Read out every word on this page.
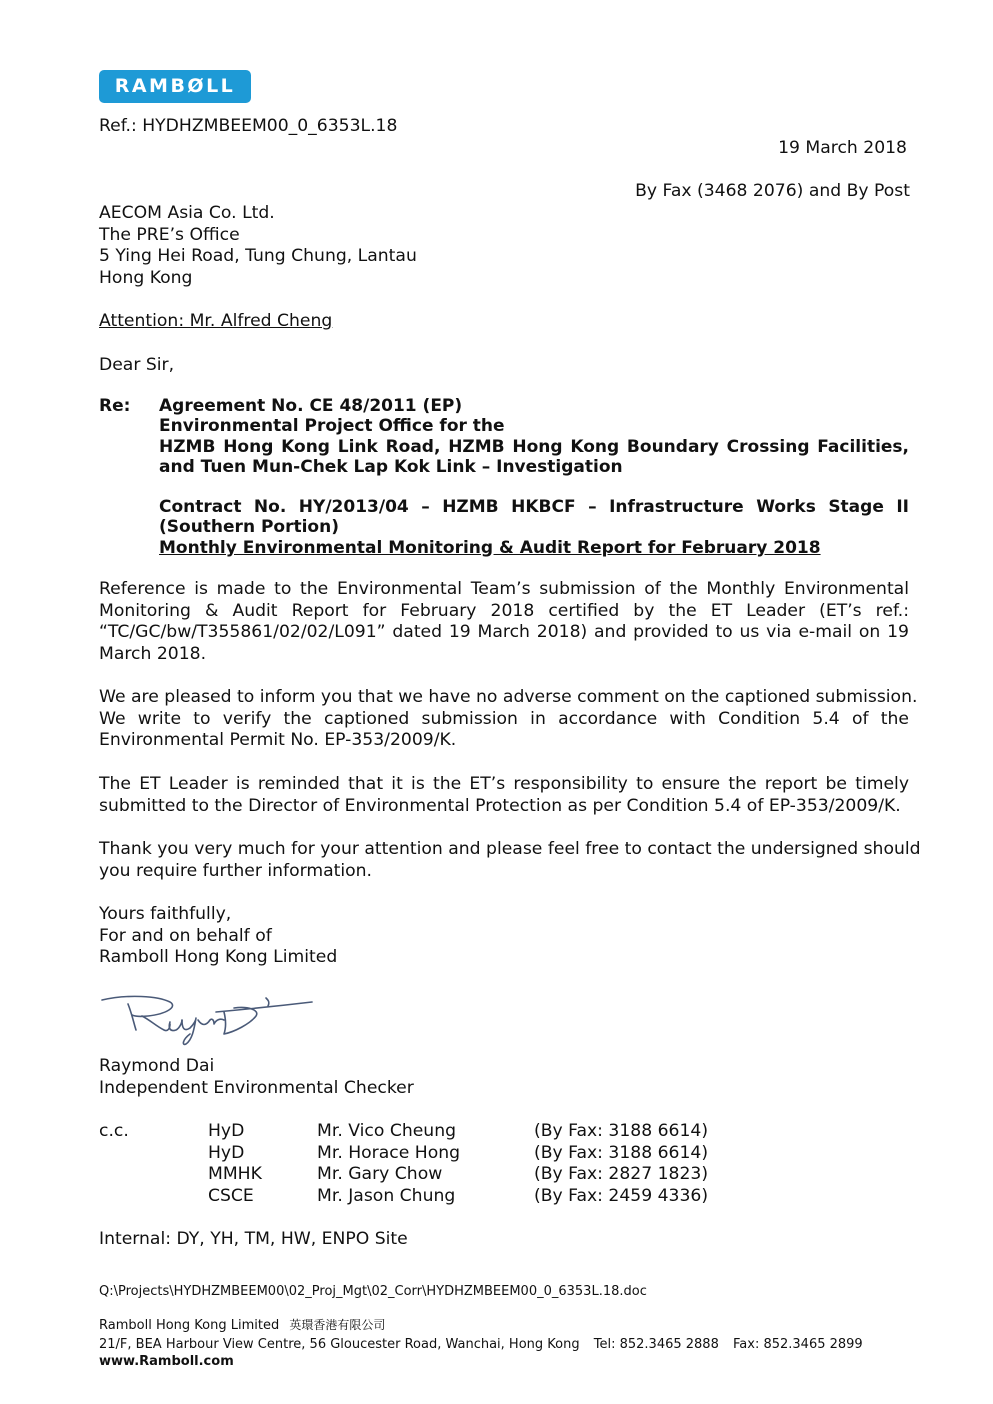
RAMBØLL
Ref.: HYDHZMBEEM00_0_6353L.18
19 March 2018
By Fax (3468 2076) and By Post
AECOM Asia Co. Ltd.
The PRE’s Office
5 Ying Hei Road, Tung Chung, Lantau
Hong Kong
Attention: Mr. Alfred Cheng
Dear Sir,
Re: Agreement No. CE 48/2011 (EP)
Environmental Project Office for the
HZMB Hong Kong Link Road, HZMB Hong Kong Boundary Crossing Facilities,
and Tuen Mun-Chek Lap Kok Link – Investigation
Contract No. HY/2013/04 – HZMB HKBCF – Infrastructure Works Stage II
(Southern Portion)
Monthly Environmental Monitoring & Audit Report for February 2018
Reference is made to the Environmental Team’s submission of the Monthly Environmental
Monitoring & Audit Report for February 2018 certified by the ET Leader (ET’s ref.:
“TC/GC/bw/T355861/02/02/L091” dated 19 March 2018) and provided to us via e-mail on 19
March 2018.
We are pleased to inform you that we have no adverse comment on the captioned submission.
We write to verify the captioned submission in accordance with Condition 5.4 of the
Environmental Permit No. EP-353/2009/K.
The ET Leader is reminded that it is the ET’s responsibility to ensure the report be timely
submitted to the Director of Environmental Protection as per Condition 5.4 of EP-353/2009/K.
Thank you very much for your attention and please feel free to contact the undersigned should
you require further information.
Yours faithfully,
For and on behalf of
Ramboll Hong Kong Limited
Raymond Dai
Independent Environmental Checker
c.c.	HyD	Mr. Vico Cheung	(By Fax: 3188 6614)
HyD	Mr. Horace Hong	(By Fax: 3188 6614)
MMHK	Mr. Gary Chow	(By Fax: 2827 1823)
CSCE	Mr. Jason Chung	(By Fax: 2459 4336)
Internal: DY, YH, TM, HW, ENPO Site
Q:\Projects\HYDHZMBEEM00\02_Proj_Mgt\02_Corr\HYDHZMBEEM00_0_6353L.18.doc
Ramboll Hong Kong Limited 英環香港有限公司
21/F, BEA Harbour View Centre, 56 Gloucester Road, Wanchai, Hong Kong Tel: 852.3465 2888 Fax: 852.3465 2899
www.Ramboll.com
